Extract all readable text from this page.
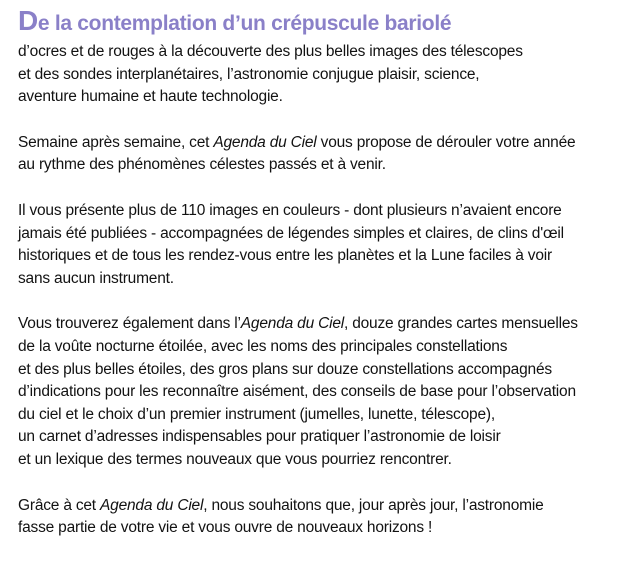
De la contemplation d’un crépuscule bariolé

d’ocres et de rouges à la découverte des plus belles images des télescopes
et des sondes interplanétaires, l’astronomie conjugue plaisir, science,
aventure humaine et haute technologie.

Semaine après semaine, cet Agenda du Ciel vous propose de dérouler votre année
au rythme des phénomènes célestes passés et à venir.

Il vous présente plus de 110 images en couleurs - dont plusieurs n’avaient encore
jamais été publiées - accompagnées de légendes simples et claires, de clins d'œil
historiques et de tous les rendez-vous entre les planètes et la Lune faciles à voir
sans aucun instrument.

Vous trouverez également dans l’Agenda du Ciel, douze grandes cartes mensuelles
de la voûte nocturne étoilée, avec les noms des principales constellations
et des plus belles étoiles, des gros plans sur douze constellations accompagnés
d’indications pour les reconnaître aisément, des conseils de base pour l’observation
du ciel et le choix d’un premier instrument (jumelles, lunette, télescope),
un carnet d’adresses indispensables pour pratiquer l’astronomie de loisir
et un lexique des termes nouveaux que vous pourriez rencontrer.

Grâce à cet Agenda du Ciel, nous souhaitons que, jour après jour, l’astronomie
fasse partie de votre vie et vous ouvre de nouveaux horizons !
